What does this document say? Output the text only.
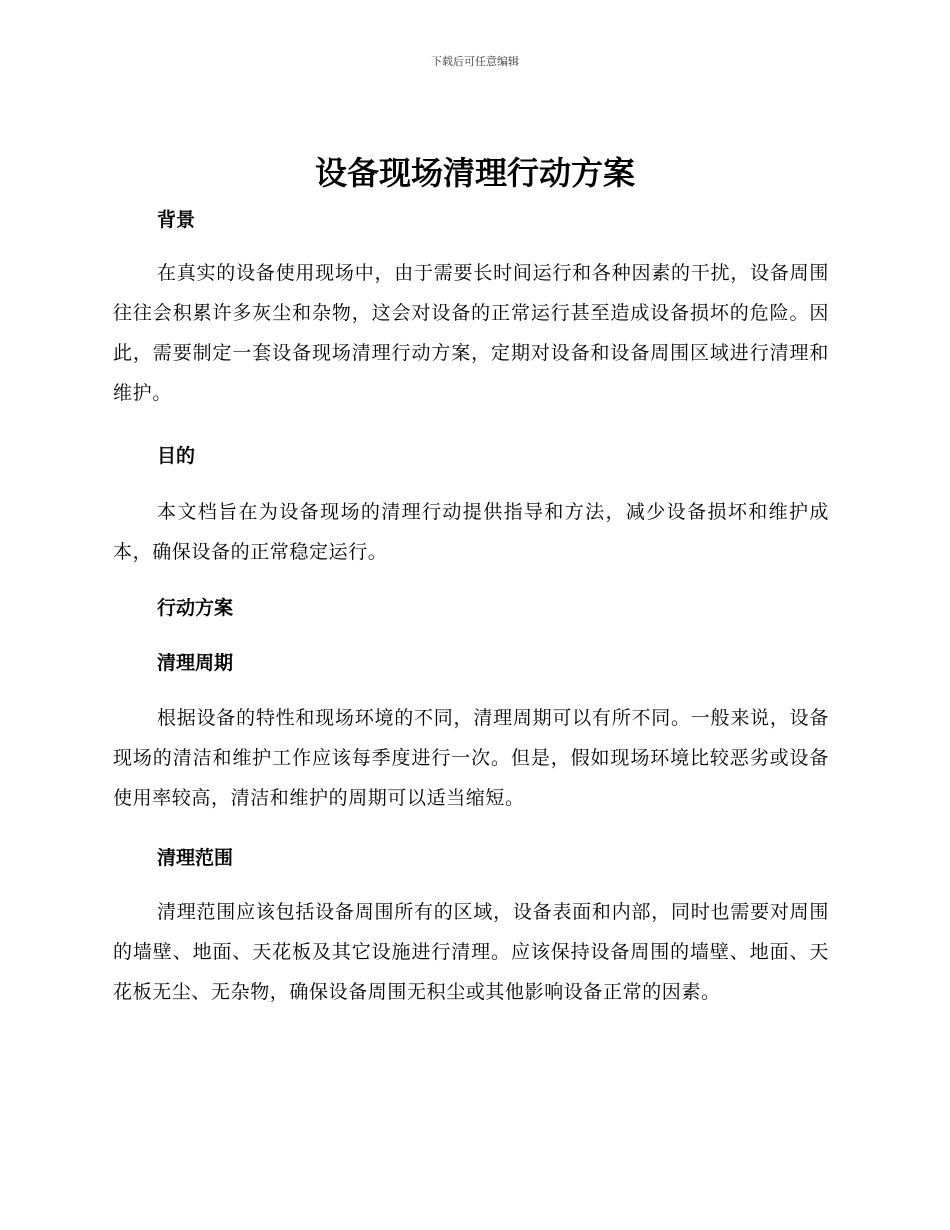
下载后可任意编辑
设备现场清理行动方案
背景

在真实的设备使用现场中，由于需要长时间运行和各种因素的干扰，设备周围往往会积累许多灰尘和杂物，这会对设备的正常运行甚至造成设备损坏的危险。因此，需要制定一套设备现场清理行动方案，定期对设备和设备周围区域进行清理和维护。

目的

本文档旨在为设备现场的清理行动提供指导和方法，减少设备损坏和维护成本，确保设备的正常稳定运行。

行动方案
清理周期

根据设备的特性和现场环境的不同，清理周期可以有所不同。一般来说，设备现场的清洁和维护工作应该每季度进行一次。但是，假如现场环境比较恶劣或设备使用率较高，清洁和维护的周期可以适当缩短。

清理范围

清理范围应该包括设备周围所有的区域，设备表面和内部，同时也需要对周围的墙壁、地面、天花板及其它设施进行清理。应该保持设备周围的墙壁、地面、天花板无尘、无杂物，确保设备周围无积尘或其他影响设备正常的因素。
